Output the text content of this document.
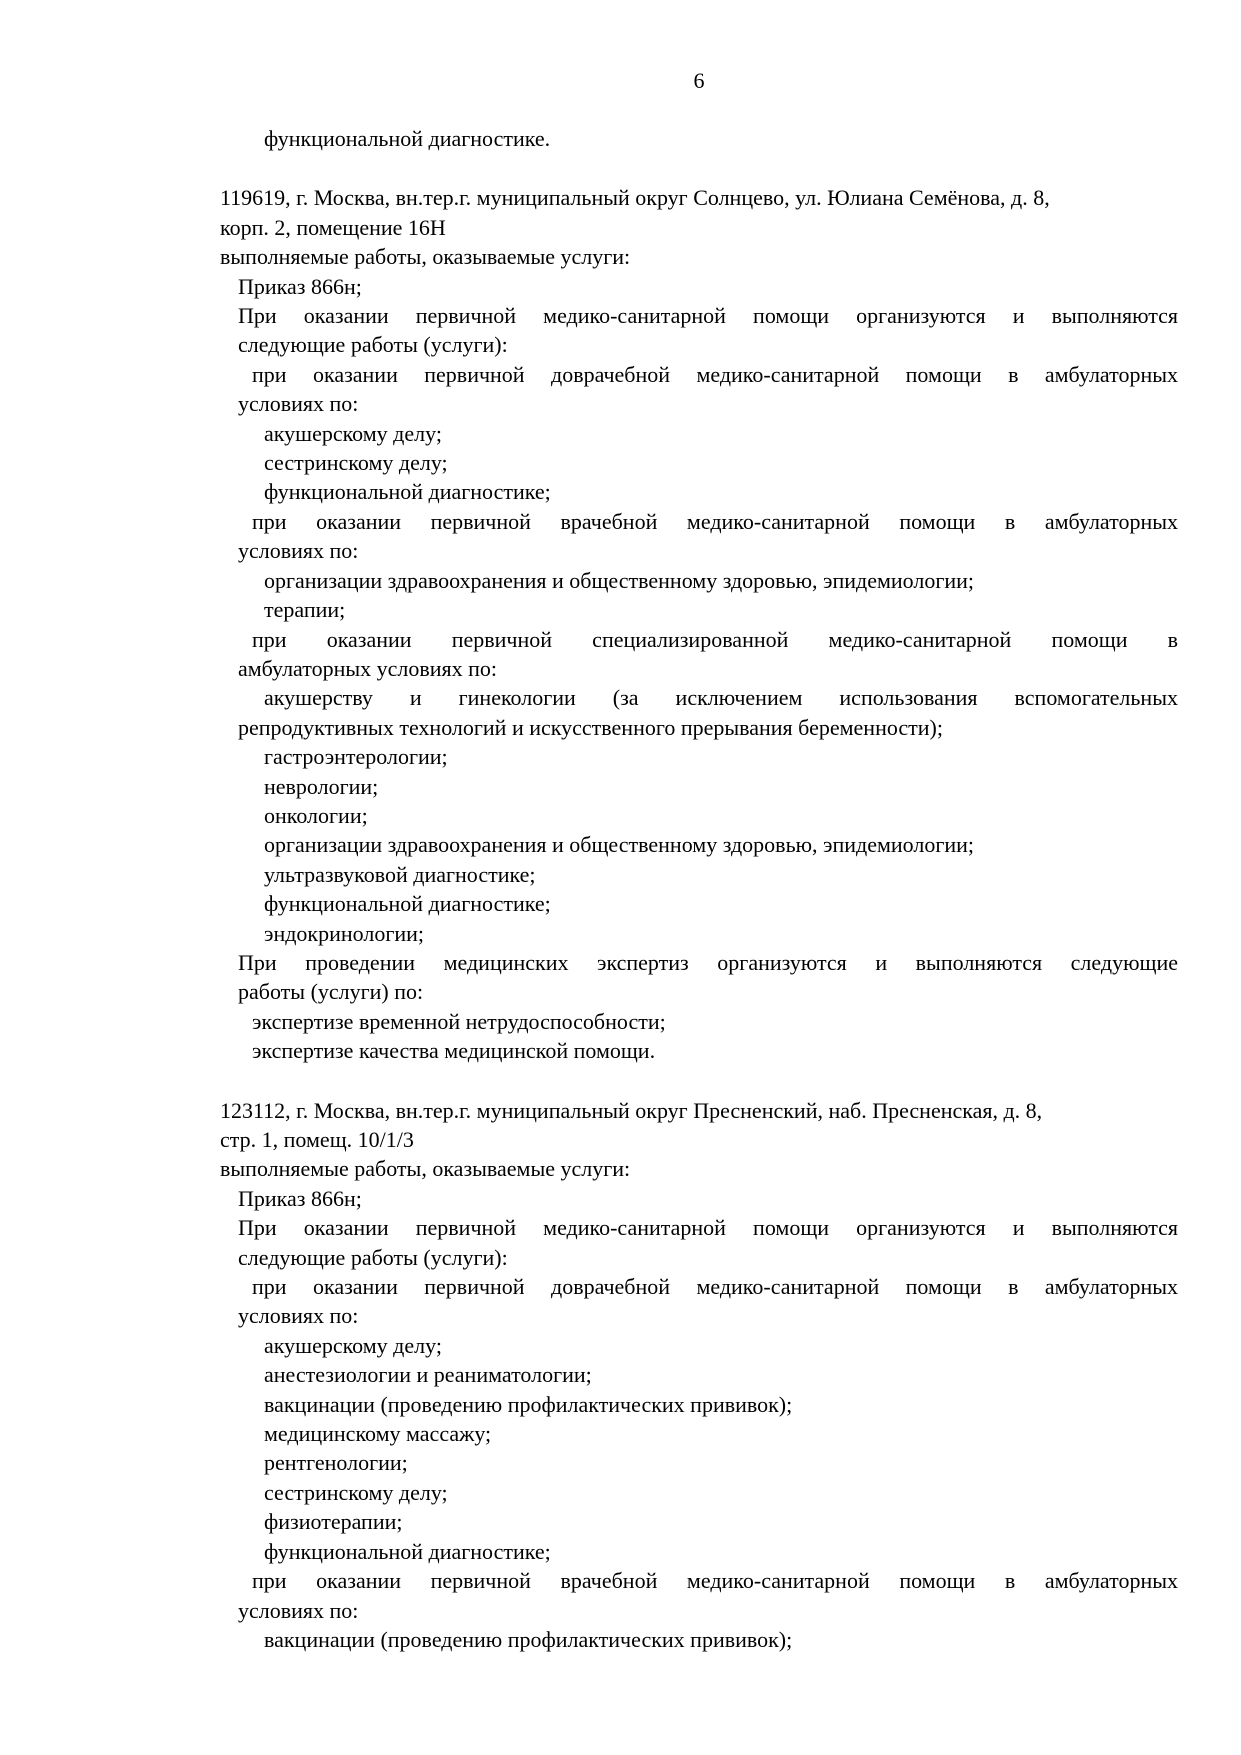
6
функциональной диагностике.
119619, г. Москва, вн.тер.г. муниципальный округ Солнцево, ул. Юлиана Семёнова, д. 8,
корп. 2, помещение 16Н
выполняемые работы, оказываемые услуги:
Приказ 866н;
При оказании первичной медико-санитарной помощи организуются и выполняются
следующие работы (услуги):
при оказании первичной доврачебной медико-санитарной помощи в амбулаторных
условиях по:
акушерскому делу;
сестринскому делу;
функциональной диагностике;
при оказании первичной врачебной медико-санитарной помощи в амбулаторных
условиях по:
организации здравоохранения и общественному здоровью, эпидемиологии;
терапии;
при оказании первичной специализированной медико-санитарной помощи в
амбулаторных условиях по:
акушерству и гинекологии (за исключением использования вспомогательных
репродуктивных технологий и искусственного прерывания беременности);
гастроэнтерологии;
неврологии;
онкологии;
организации здравоохранения и общественному здоровью, эпидемиологии;
ультразвуковой диагностике;
функциональной диагностике;
эндокринологии;
При проведении медицинских экспертиз организуются и выполняются следующие
работы (услуги) по:
экспертизе временной нетрудоспособности;
экспертизе качества медицинской помощи.
123112, г. Москва, вн.тер.г. муниципальный округ Пресненский, наб. Пресненская, д. 8,
стр. 1, помещ. 10/1/3
выполняемые работы, оказываемые услуги:
Приказ 866н;
При оказании первичной медико-санитарной помощи организуются и выполняются
следующие работы (услуги):
при оказании первичной доврачебной медико-санитарной помощи в амбулаторных
условиях по:
акушерскому делу;
анестезиологии и реаниматологии;
вакцинации (проведению профилактических прививок);
медицинскому массажу;
рентгенологии;
сестринскому делу;
физиотерапии;
функциональной диагностике;
при оказании первичной врачебной медико-санитарной помощи в амбулаторных
условиях по:
вакцинации (проведению профилактических прививок);
